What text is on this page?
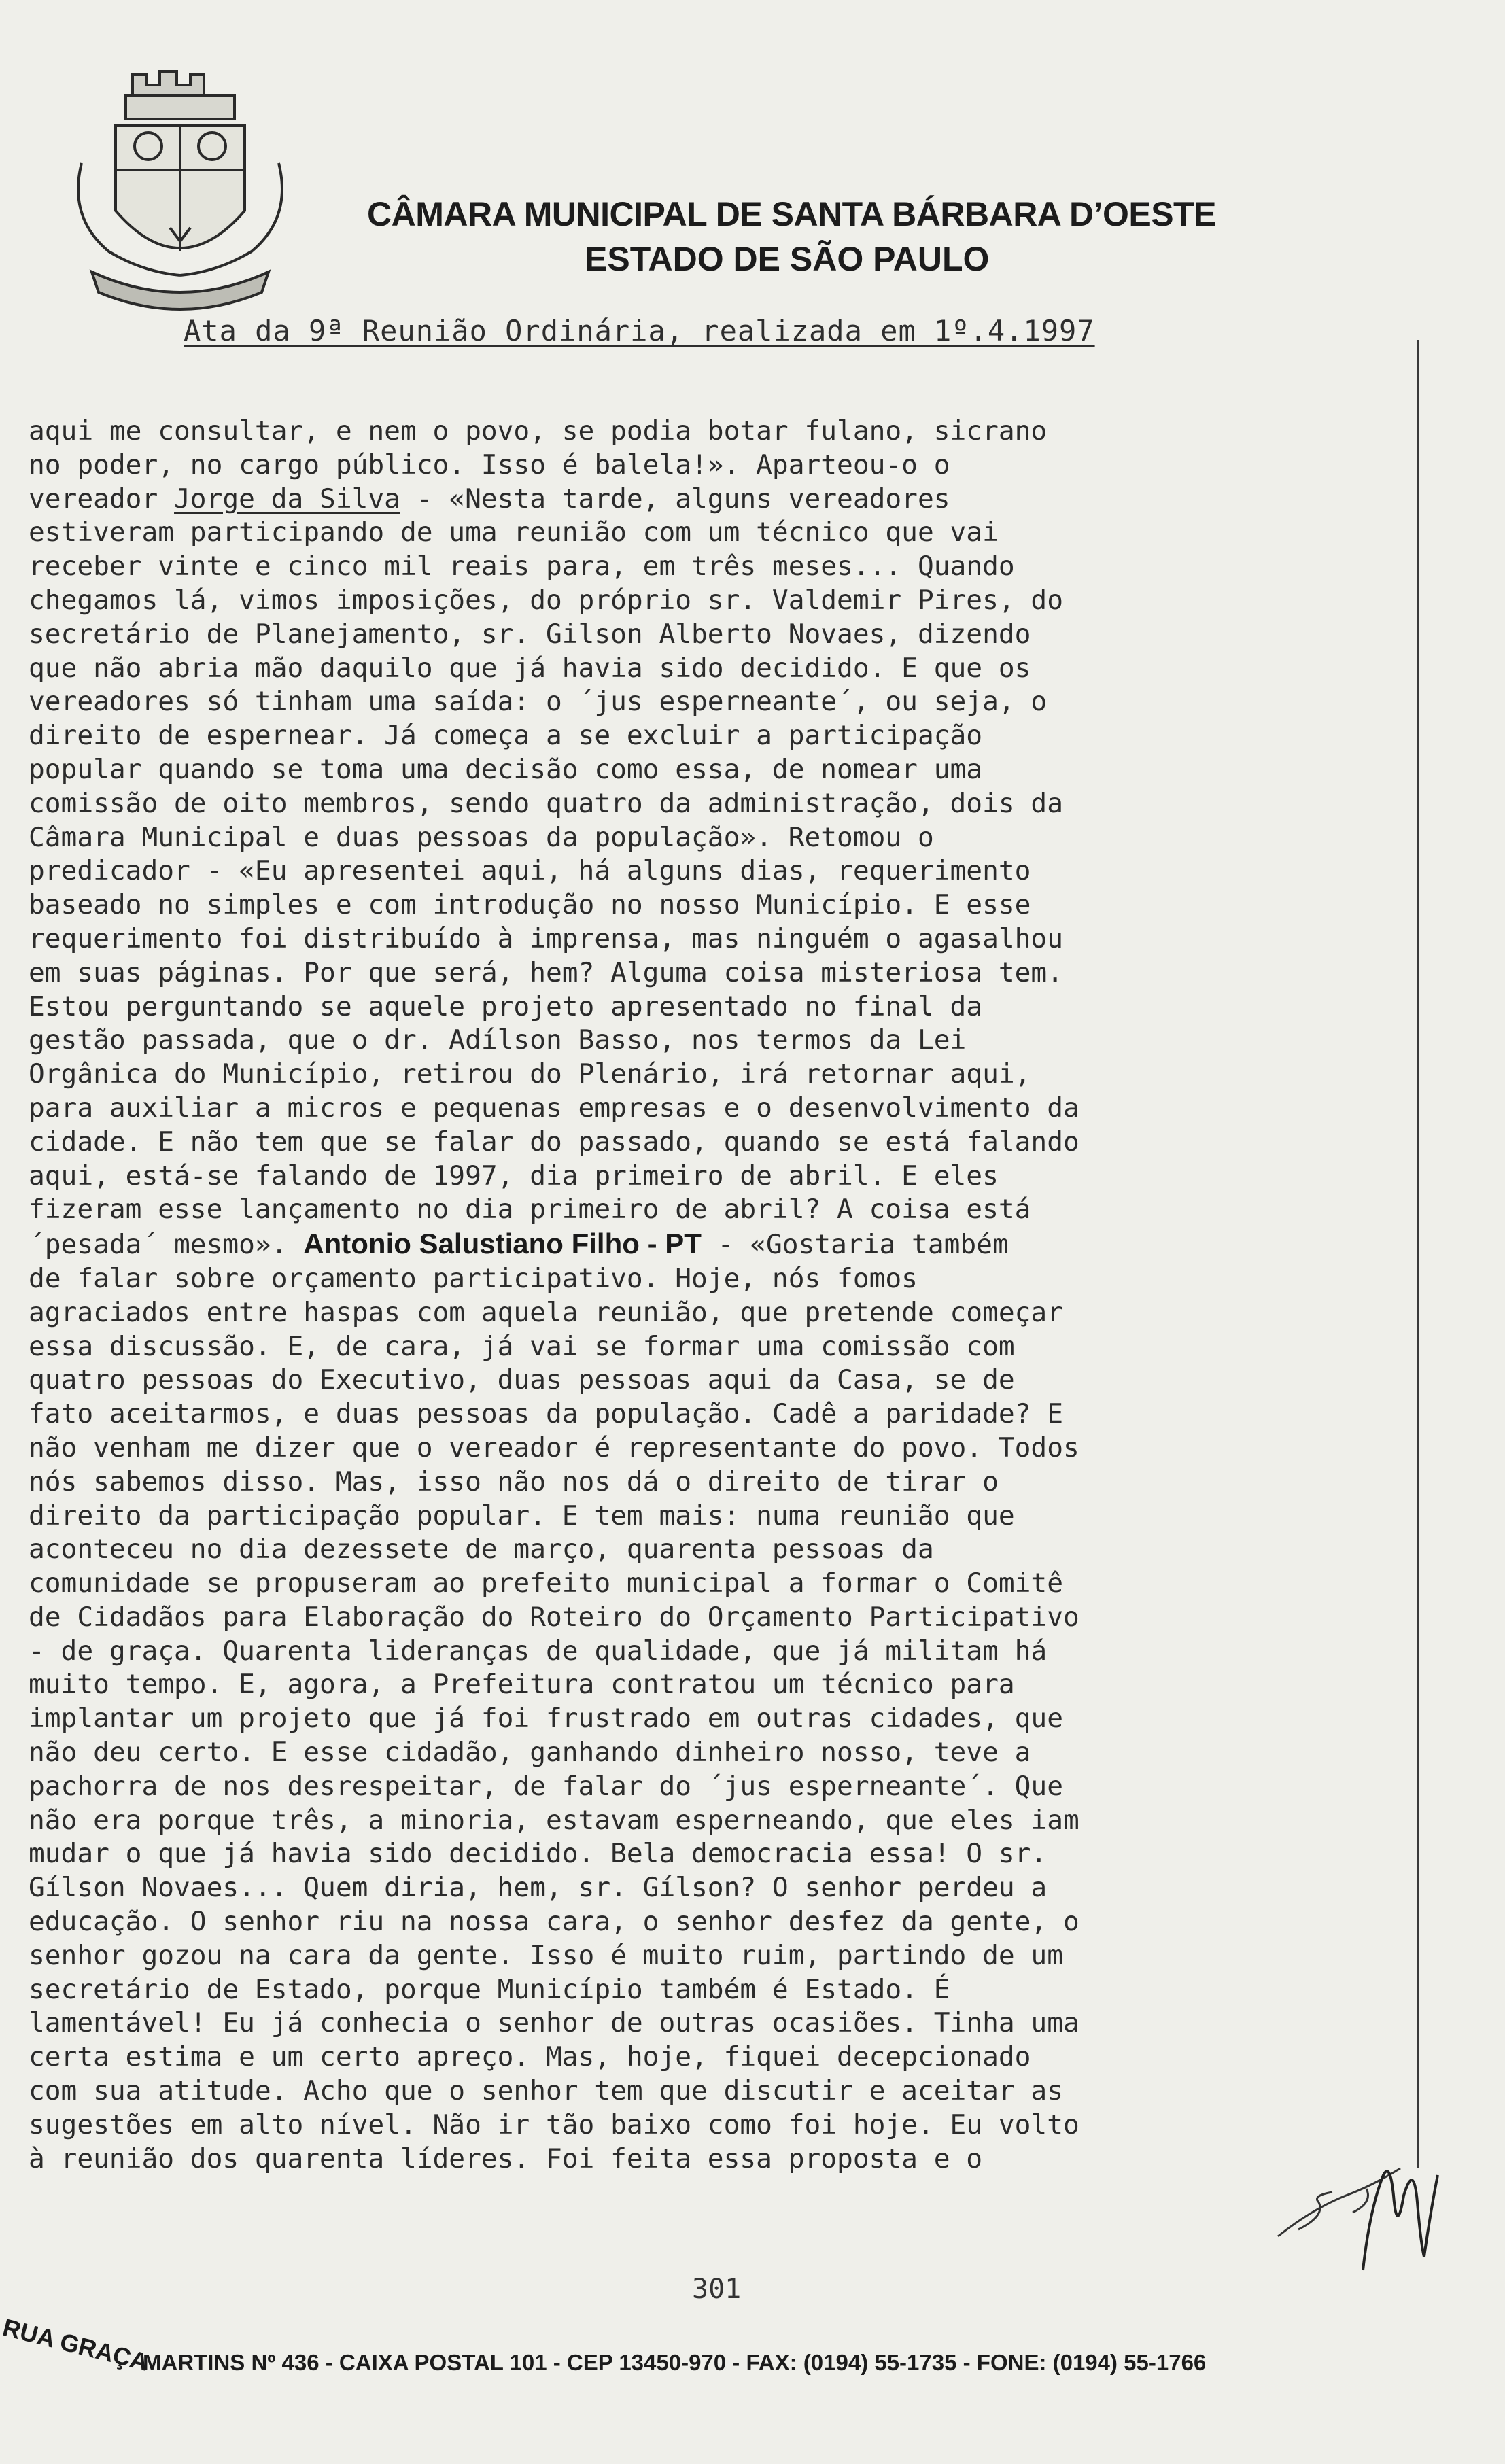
CÂMARA MUNICIPAL DE SANTA BÁRBARA D’OESTE
ESTADO DE SÃO PAULO
Ata da 9ª Reunião Ordinária, realizada em 1º.4.1997
aqui me consultar, e nem o povo, se podia botar fulano, sicrano
no poder, no cargo público. Isso é balela!». Aparteou-o o
vereador Jorge da Silva - «Nesta tarde, alguns vereadores
estiveram participando de uma reunião com um técnico que vai
receber vinte e cinco mil reais para, em três meses... Quando
chegamos lá, vimos imposições, do próprio sr. Valdemir Pires, do
secretário de Planejamento, sr. Gilson Alberto Novaes, dizendo
que não abria mão daquilo que já havia sido decidido. E que os
vereadores só tinham uma saída: o ´jus esperneante´, ou seja, o
direito de espernear. Já começa a se excluir a participação
popular quando se toma uma decisão como essa, de nomear uma
comissão de oito membros, sendo quatro da administração, dois da
Câmara Municipal e duas pessoas da população». Retomou o
predicador - «Eu apresentei aqui, há alguns dias, requerimento
baseado no simples e com introdução no nosso Município. E esse
requerimento foi distribuído à imprensa, mas ninguém o agasalhou
em suas páginas. Por que será, hem? Alguma coisa misteriosa tem.
Estou perguntando se aquele projeto apresentado no final da
gestão passada, que o dr. Adílson Basso, nos termos da Lei
Orgânica do Município, retirou do Plenário, irá retornar aqui,
para auxiliar a micros e pequenas empresas e o desenvolvimento da
cidade. E não tem que se falar do passado, quando se está falando
aqui, está-se falando de 1997, dia primeiro de abril. E eles
fizeram esse lançamento no dia primeiro de abril? A coisa está
´pesada´ mesmo». Antonio Salustiano Filho - PT - «Gostaria também
de falar sobre orçamento participativo. Hoje, nós fomos
agraciados entre haspas com aquela reunião, que pretende começar
essa discussão. E, de cara, já vai se formar uma comissão com
quatro pessoas do Executivo, duas pessoas aqui da Casa, se de
fato aceitarmos, e duas pessoas da população. Cadê a paridade? E
não venham me dizer que o vereador é representante do povo. Todos
nós sabemos disso. Mas, isso não nos dá o direito de tirar o
direito da participação popular. E tem mais: numa reunião que
aconteceu no dia dezessete de março, quarenta pessoas da
comunidade se propuseram ao prefeito municipal a formar o Comitê
de Cidadãos para Elaboração do Roteiro do Orçamento Participativo
- de graça. Quarenta lideranças de qualidade, que já militam há
muito tempo. E, agora, a Prefeitura contratou um técnico para
implantar um projeto que já foi frustrado em outras cidades, que
não deu certo. E esse cidadão, ganhando dinheiro nosso, teve a
pachorra de nos desrespeitar, de falar do ´jus esperneante´. Que
não era porque três, a minoria, estavam esperneando, que eles iam
mudar o que já havia sido decidido. Bela democracia essa! O sr.
Gílson Novaes... Quem diria, hem, sr. Gílson? O senhor perdeu a
educação. O senhor riu na nossa cara, o senhor desfez da gente, o
senhor gozou na cara da gente. Isso é muito ruim, partindo de um
secretário de Estado, porque Município também é Estado. É
lamentável! Eu já conhecia o senhor de outras ocasiões. Tinha uma
certa estima e um certo apreço. Mas, hoje, fiquei decepcionado
com sua atitude. Acho que o senhor tem que discutir e aceitar as
sugestões em alto nível. Não ir tão baixo como foi hoje. Eu volto
à reunião dos quarenta líderes. Foi feita essa proposta e o
301
RUA GRAÇA
MARTINS Nº 436 - CAIXA POSTAL 101 - CEP 13450-970 - FAX: (0194) 55-1735 - FONE: (0194) 55-1766
